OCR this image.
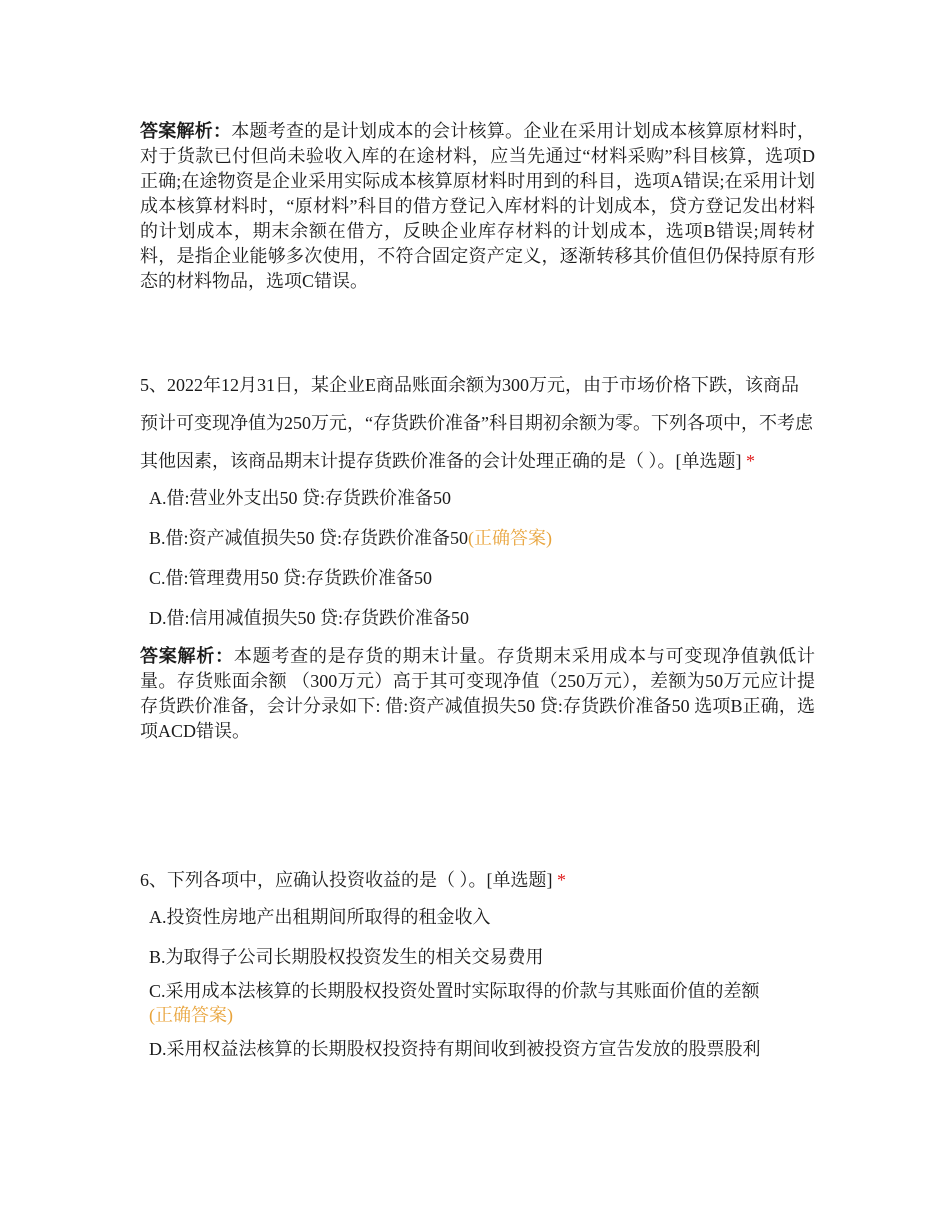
答案解析：本题考查的是计划成本的会计核算。企业在采用计划成本核算原材料时，对于货款已付但尚未验收入库的在途材料，应当先通过“材料采购”科目核算，选项D正确;在途物资是企业采用实际成本核算原材料时用到的科目，选项A错误;在采用计划成本核算材料时，“原材料”科目的借方登记入库材料的计划成本，贷方登记发出材料的计划成本，期末余额在借方，反映企业库存材料的计划成本，选项B错误;周转材料，是指企业能够多次使用，不符合固定资产定义，逐渐转移其价值但仍保持原有形态的材料物品，选项C错误。
5、2022年12月31日，某企业E商品账面余额为300万元，由于市场价格下跌，该商品预计可变现净值为250万元，“存货跌价准备”科目期初余额为零。下列各项中，不考虑其他因素，该商品期末计提存货跌价准备的会计处理正确的是（ ）。[单选题] *
A.借:营业外支出50 贷:存货跌价准备50
B.借:资产减值损失50 贷:存货跌价准备50(正确答案)
C.借:管理费用50 贷:存货跌价准备50
D.借:信用减值损失50 贷:存货跌价准备50
答案解析：本题考查的是存货的期末计量。存货期末采用成本与可变现净值孰低计量。存货账面余额 （300万元）高于其可变现净值（250万元），差额为50万元应计提存货跌价准备，会计分录如下: 借:资产减值损失50 贷:存货跌价准备50 选项B正确，选项ACD错误。
6、下列各项中，应确认投资收益的是（ ）。[单选题] *
A.投资性房地产出租期间所取得的租金收入
B.为取得子公司长期股权投资发生的相关交易费用
C.采用成本法核算的长期股权投资处置时实际取得的价款与其账面价值的差额
(正确答案)
D.采用权益法核算的长期股权投资持有期间收到被投资方宣告发放的股票股利
